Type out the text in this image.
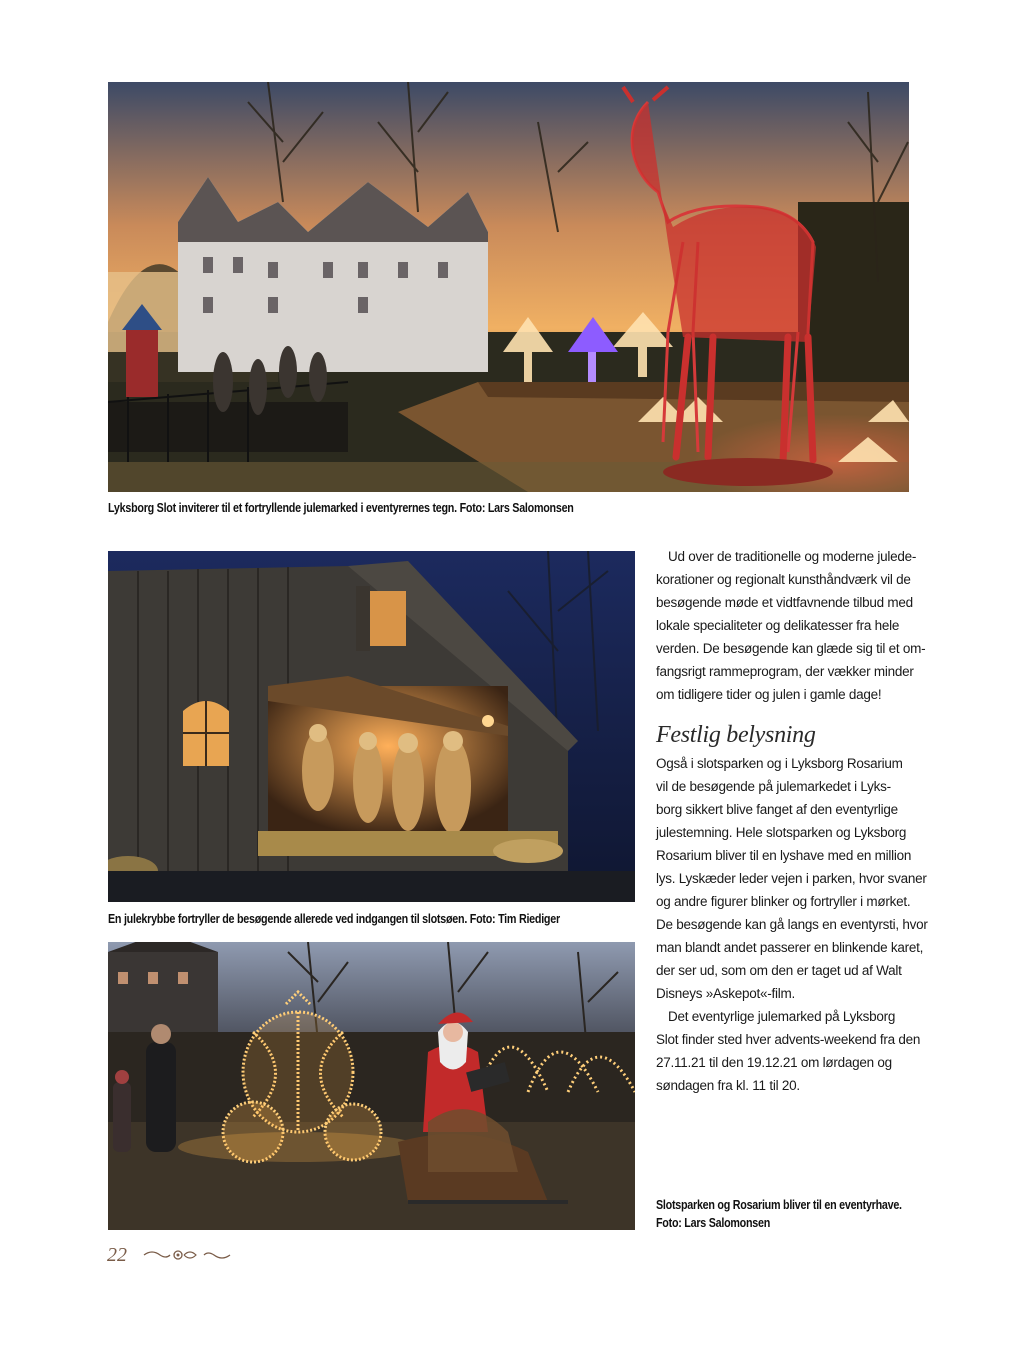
Lyksborg Slot inviterer til et fortryllende julemarked i eventyrernes tegn. Foto: Lars Salomonsen
En julekrybbe fortryller de besøgende allerede ved indgangen til slotsøen. Foto: Tim Riediger
Slotsparken og Rosarium bliver til en eventyrhave.
Foto: Lars Salomonsen

Ud over de traditionelle og moderne julede-

korationer og regionalt kunsthåndværk vil de

besøgende møde et vidtfavnende tilbud med

lokale specialiteter og delikatesser fra hele

verden. De besøgende kan glæde sig til et om-

fangsrigt rammeprogram, der vækker minder

om tidligere tider og julen i gamle dage!

Festlig belysning

Også i slotsparken og i Lyksborg Rosarium

vil de besøgende på julemarkedet i Lyks-

borg sikkert blive fanget af den eventyrlige

julestemning. Hele slotsparken og Lyksborg

Rosarium bliver til en lyshave med en million

lys. Lyskæder leder vejen i parken, hvor svaner

og andre figurer blinker og fortryller i mørket.

De besøgende kan gå langs en eventyrsti, hvor

man blandt andet passerer en blinkende karet,

der ser ud, som om den er taget ud af Walt

Disneys »Askepot«-film.

Det eventyrlige julemarked på Lyksborg

Slot finder sted hver advents-weekend fra den

27.11.21 til den 19.12.21 om lørdagen og

søndagen fra kl. 11 til 20.

22
